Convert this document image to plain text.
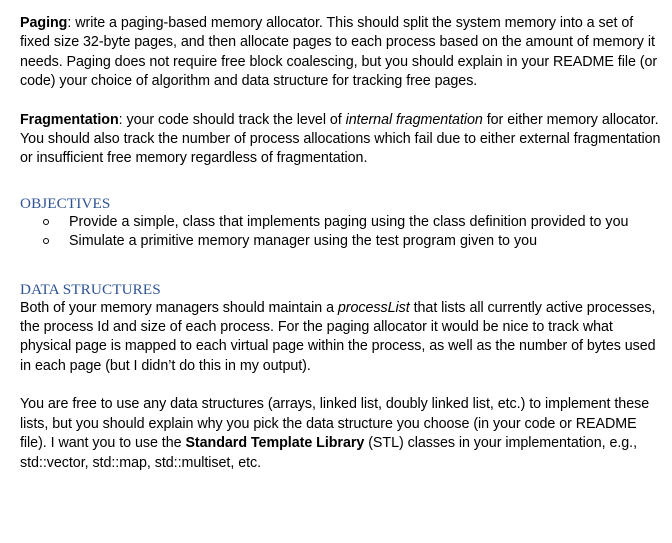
Paging: write a paging-based memory allocator. This should split the system memory into a set of fixed size 32-byte pages, and then allocate pages to each process based on the amount of memory it needs. Paging does not require free block coalescing, but you should explain in your README file (or code) your choice of algorithm and data structure for tracking free pages.

Fragmentation: your code should track the level of internal fragmentation for either memory allocator. You should also track the number of process allocations which fail due to either external fragmentation or insufficient free memory regardless of fragmentation.

OBJECTIVES
Provide a simple, class that implements paging using the class definition provided to you
Simulate a primitive memory manager using the test program given to you
DATA STRUCTURES

Both of your memory managers should maintain a processList that lists all currently active processes, the process Id and size of each process. For the paging allocator it would be nice to track what physical page is mapped to each virtual page within the process, as well as the number of bytes used in each page (but I didn’t do this in my output).

You are free to use any data structures (arrays, linked list, doubly linked list, etc.) to implement these lists, but you should explain why you pick the data structure you choose (in your code or README file). I want you to use the Standard Template Library (STL) classes in your implementation, e.g., std::vector, std::map, std::multiset, etc.
